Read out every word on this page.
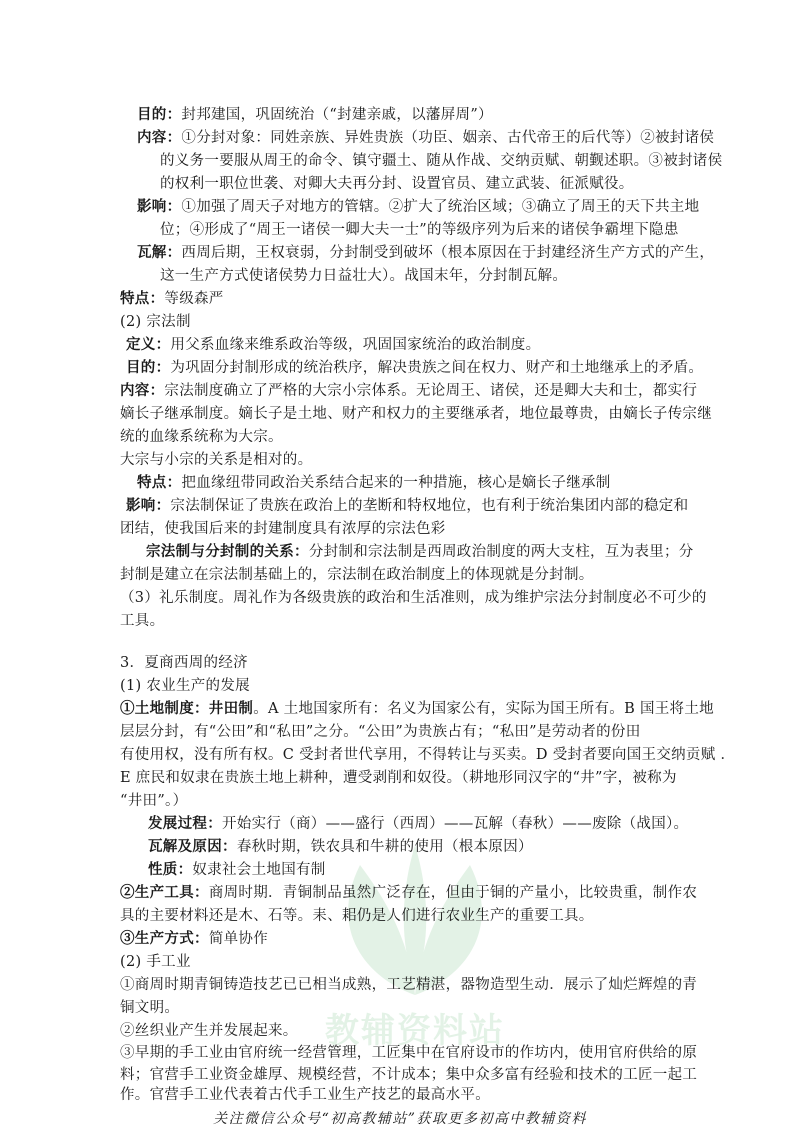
教辅资料站
目的：封邦建国，巩固统治（“封建亲戚，以藩屏周”）
内容：①分封对象：同姓亲族、异姓贵族（功臣、姻亲、古代帝王的后代等）②被封诸侯
的义务一要服从周王的命令、镇守疆土、随从作战、交纳贡赋、朝觐述职。③被封诸侯
的权利一职位世袭、对卿大夫再分封、设置官员、建立武装、征派赋役。
影响：①加强了周天子对地方的管辖。②扩大了统治区域；③确立了周王的天下共主地
位；④形成了“周王一诸侯一卿大夫一士”的等级序列为后来的诸侯争霸埋下隐患
瓦解：西周后期，王权衰弱，分封制受到破坏（根本原因在于封建经济生产方式的产生，
这一生产方式使诸侯势力日益壮大）。战国末年，分封制瓦解。
特点：等级森严
(2) 宗法制
定义：用父系血缘来维系政治等级，巩固国家统治的政治制度。
目的：为巩固分封制形成的统治秩序，解决贵族之间在权力、财产和土地继承上的矛盾。
内容：宗法制度确立了严格的大宗小宗体系。无论周王、诸侯，还是卿大夫和士，都实行
嫡长子继承制度。嫡长子是土地、财产和权力的主要继承者，地位最尊贵，由嫡长子传宗继
统的血缘系统称为大宗。
大宗与小宗的关系是相对的。
特点：把血缘纽带同政治关系结合起来的一种措施，核心是嫡长子继承制
影响：宗法制保证了贵族在政治上的垄断和特权地位，也有利于统治集团内部的稳定和
团结，使我国后来的封建制度具有浓厚的宗法色彩
宗法制与分封制的关系：分封制和宗法制是西周政治制度的两大支柱，互为表里；分
封制是建立在宗法制基础上的，宗法制在政治制度上的体现就是分封制。
（3）礼乐制度。周礼作为各级贵族的政治和生活准则，成为维护宗法分封制度必不可少的
工具。
3．夏商西周的经济
(1) 农业生产的发展
①土地制度：井田制。A 土地国家所有：名义为国家公有，实际为国王所有。B 国王将土地
层层分封，有“公田”和“私田”之分。“公田”为贵族占有；“私田”是劳动者的份田
有使用权，没有所有权。C 受封者世代享用，不得转让与买卖。D 受封者要向国王交纳贡赋 ．
E 庶民和奴隶在贵族土地上耕种，遭受剥削和奴役。（耕地形同汉字的“井”字，被称为
“井田”。）
发展过程：开始实行（商）——盛行（西周）——瓦解（春秋）——废除（战国）。
瓦解及原因：春秋时期，铁农具和牛耕的使用（根本原因）
性质：奴隶社会土地国有制
②生产工具：商周时期．青铜制品虽然广泛存在，但由于铜的产量小，比较贵重，制作农
具的主要材料还是木、石等。耒、耜仍是人们进行农业生产的重要工具。
③生产方式：简单协作
(2) 手工业
①商周时期青铜铸造技艺已已相当成熟，工艺精湛，器物造型生动．展示了灿烂辉煌的青
铜文明。
②丝织业产生并发展起来。
③早期的手工业由官府统一经营管理，工匠集中在官府设市的作坊内，使用官府供给的原
料；官营手工业资金雄厚、规模经营，不计成本；集中众多富有经验和技术的工匠一起工
作。官营手工业代表着古代手工业生产技艺的最高水平。
关注微信公众号“初高教辅站”获取更多初高中教辅资料
